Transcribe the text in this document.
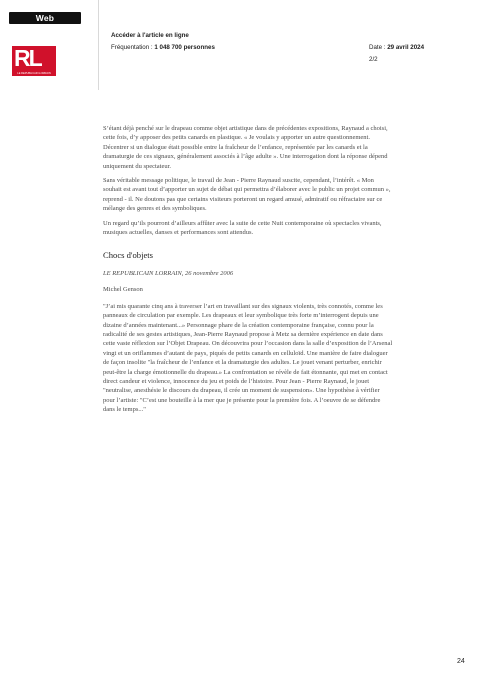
Web
RL
LE RÉPUBLICAIN LORRAIN
Accéder à l'article en ligne
Fréquentation : 1 048 700 personnes	Date : 29 avril 2024
2/2

S’étant déjà penché sur le drapeau comme objet artistique dans de précédentes expositions, Raynaud a choisi, cette fois, d’y apposer des petits canards en plastique. « Je voulais y apporter un autre questionnement. Décentrer si un dialogue était possible entre la fraîcheur de l’enfance, représentée par les canards et la dramaturgie de ces signaux, généralement associés à l’âge adulte ». Une interrogation dont la réponse dépend uniquement du spectateur.

Sans véritable message politique, le travail de Jean - Pierre Raynaud suscite, cependant, l’intérêt. « Mon souhait est avant tout d’apporter un sujet de débat qui permettra d’élaborer avec le public un projet commun », reprend - il. Ne doutons pas que certains visiteurs porteront un regard amusé, admiratif ou réfractaire sur ce mélange des genres et des symboliques.

Un regard qu’ils pourront d’ailleurs affûter avec la suite de cette Nuit contemporaine où spectacles vivants, musiques actuelles, danses et performances sont attendus.

Chocs d'objets
LE REPUBLICAIN LORRAIN, 26 novembre 2006
Michel Genson

"J’ai mis quarante cinq ans à traverser l’art en travaillant sur des signaux violents, très connotés, comme les panneaux de circulation par exemple. Les drapeaux et leur symbolique très forte m’interrogent depuis une dizaine d’années maintenant...» Personnage phare de la création contemporaine française, connu pour la radicalité de ses gestes artistiques, Jean-Pierre Raynaud propose à Metz sa dernière expérience en date dans cette vaste réflexion sur l’Objet Drapeau. On découvrira pour l’occasion dans la salle d’exposition de l’Arsenal vingt et un oriflammes d’autant de pays, piqués de petits canards en celluloïd. Une manière de faire dialoguer de façon insolite "la fraîcheur de l’enfance et la dramaturgie des adultes. Le jouet venant perturber, enrichir peut-être la charge émotionnelle du drapeau.» La confrontation se révèle de fait étonnante, qui met en contact direct candeur et violence, innocence du jeu et poids de l’histoire. Pour Jean - Pierre Raynaud, le jouet "neutralise, anesthésie le discours du drapeau, il crée un moment de suspension». Une hypothèse à vérifier pour l’artiste: "C’est une bouteille à la mer que je présente pour la première fois. A l’oeuvre de se défendre dans le temps..."

24
